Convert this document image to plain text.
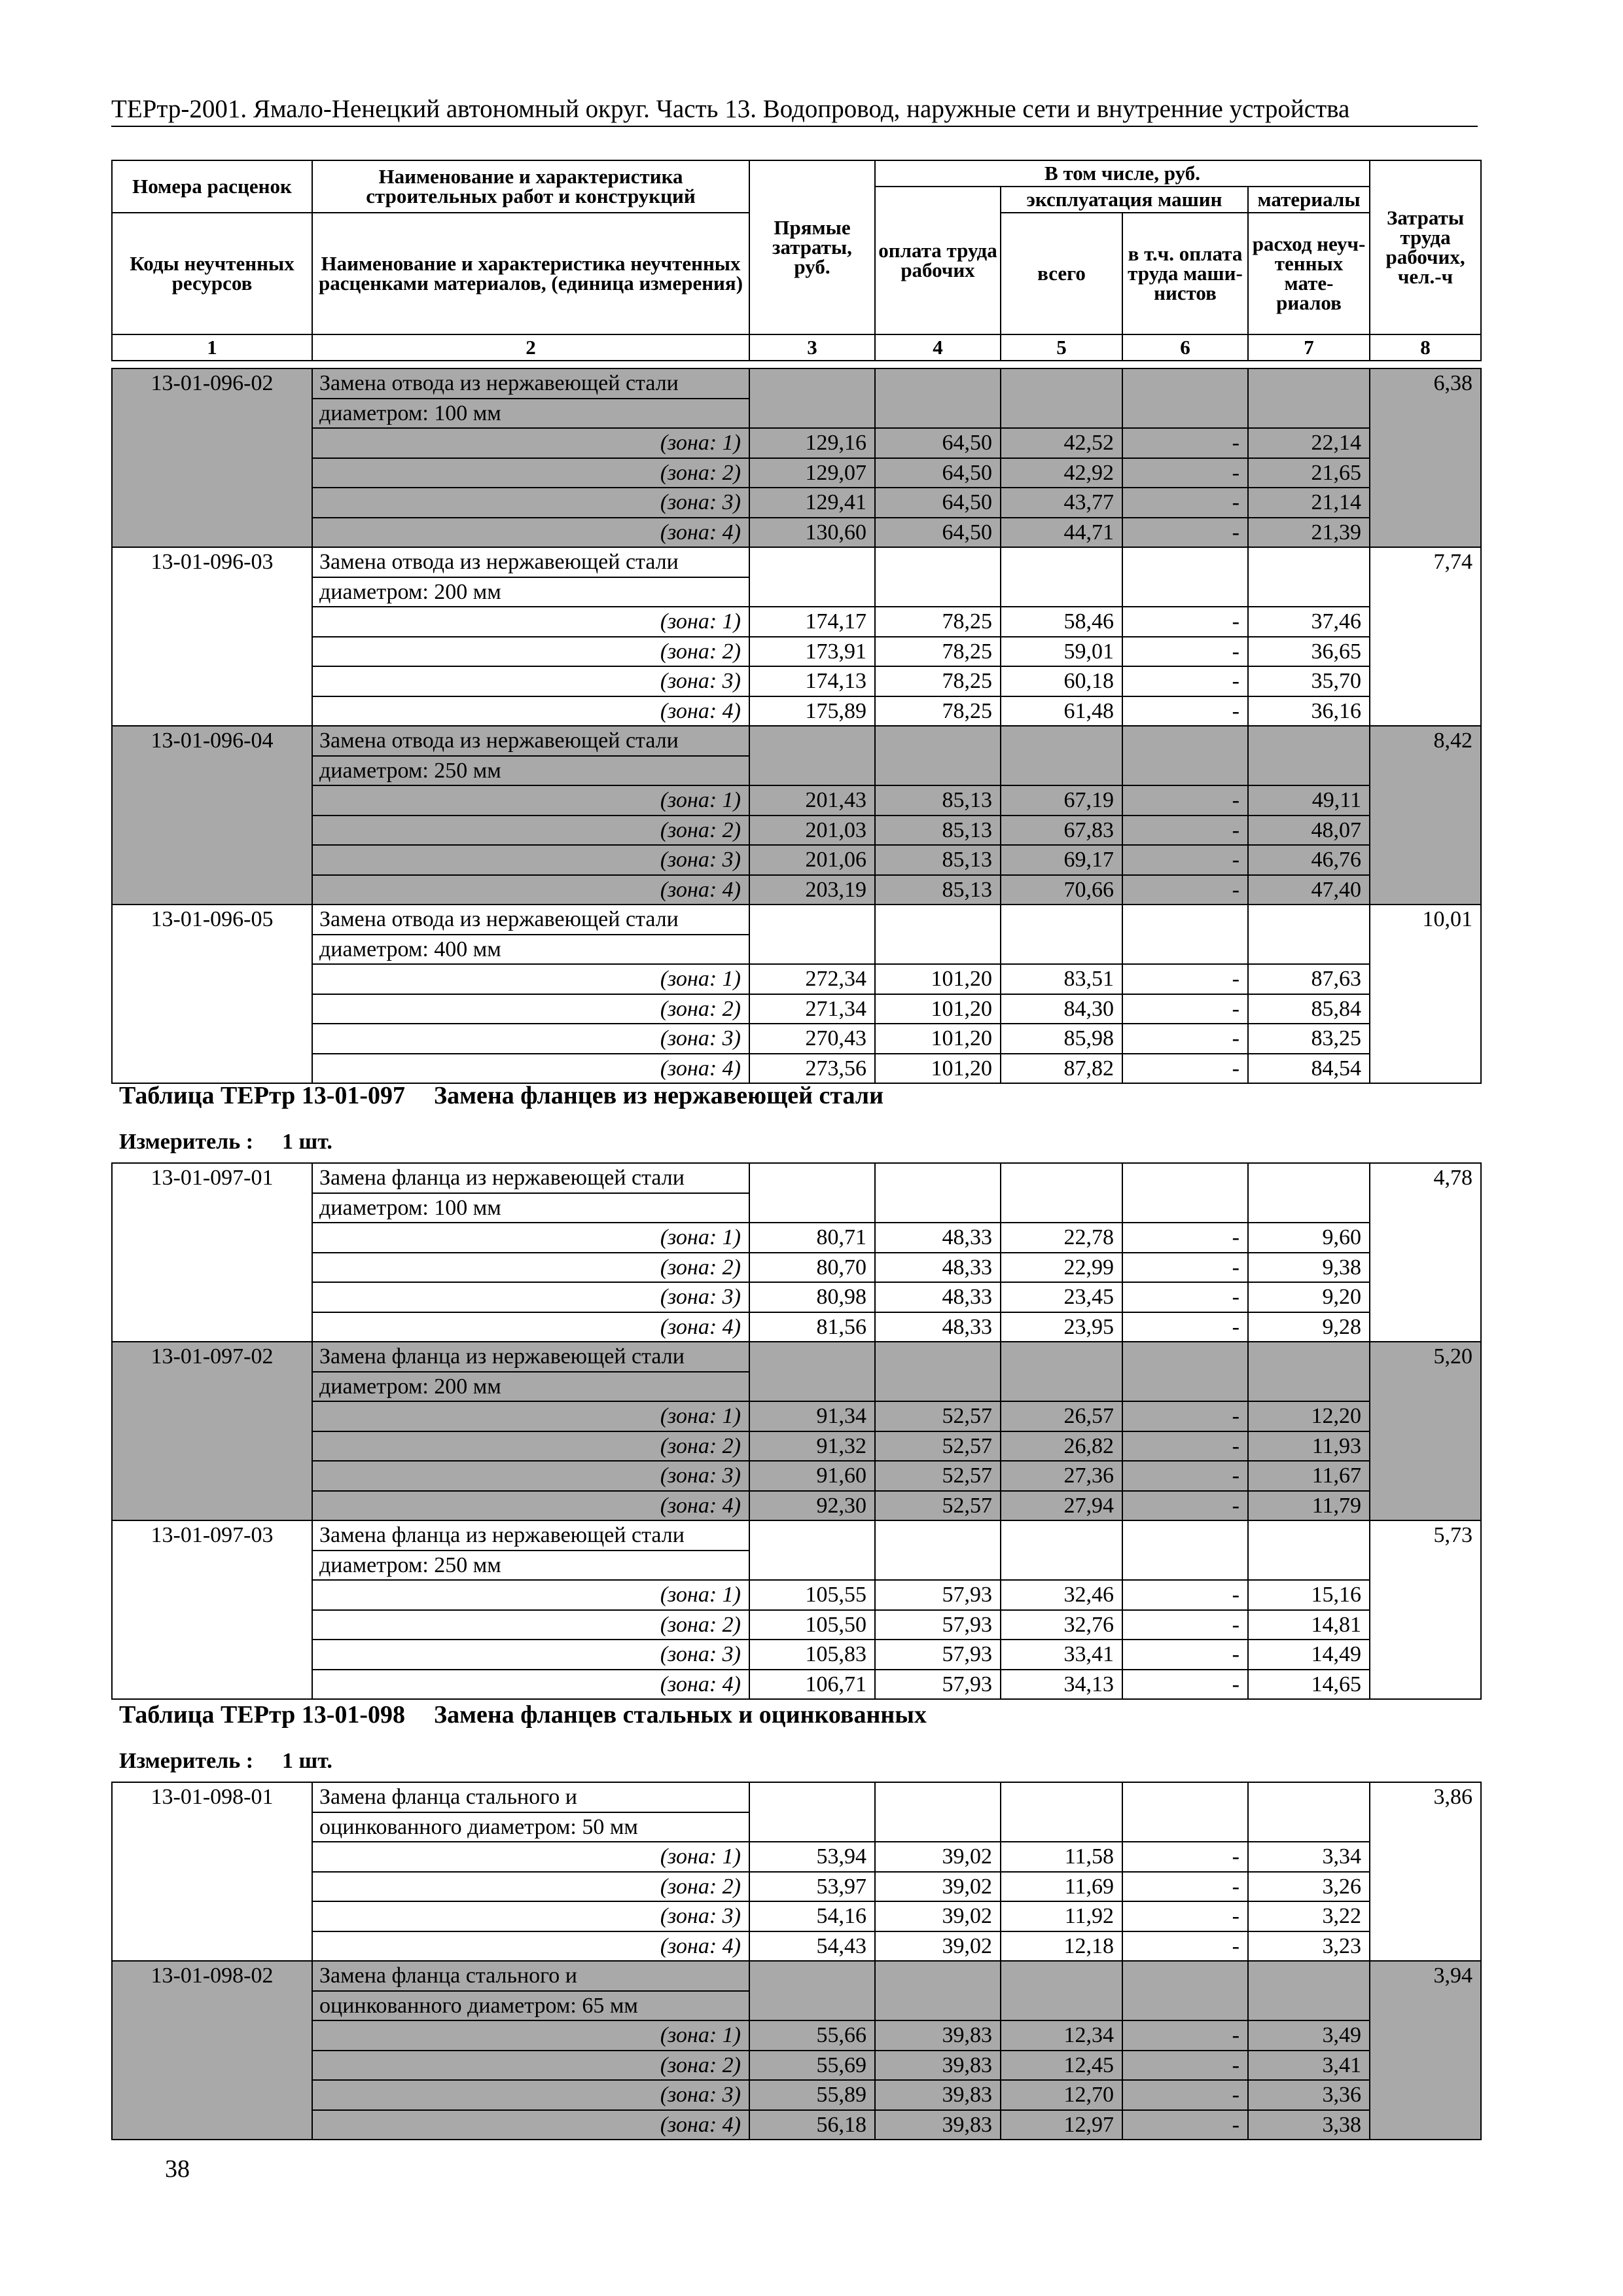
ТЕРтр-2001. Ямало-Ненецкий автономный округ. Часть 13. Водопровод, наружные сети и внутренние устройства
Номера расценок	Наименование и характеристика строительных работ и конструкций	Прямые затраты, руб.	В том числе, руб.				Затраты труда рабочих, чел.-ч
			оплата труда рабочих	эксплуатация машин		материалы	
Коды неучтенных ресурсов	Наименование и характеристика неучтенных расценками материалов, (единица измерения)			всего	в т.ч. оплата труда маши- нистов	расход неуч- тенных мате- риалов	

1	2	3	4	5	6	7	8
13-01-096-02	Замена отвода из нержавеющей стали						6,38
	диаметром: 100 мм						
	(зона: 1)	129,16	64,50	42,52	-	22,14	
	(зона: 2)	129,07	64,50	42,92	-	21,65	
	(зона: 3)	129,41	64,50	43,77	-	21,14	
	(зона: 4)	130,60	64,50	44,71	-	21,39	
13-01-096-03	Замена отвода из нержавеющей стали						7,74
	диаметром: 200 мм						
	(зона: 1)	174,17	78,25	58,46	-	37,46	
	(зона: 2)	173,91	78,25	59,01	-	36,65	
	(зона: 3)	174,13	78,25	60,18	-	35,70	
	(зона: 4)	175,89	78,25	61,48	-	36,16	
13-01-096-04	Замена отвода из нержавеющей стали						8,42
	диаметром: 250 мм						
	(зона: 1)	201,43	85,13	67,19	-	49,11	
	(зона: 2)	201,03	85,13	67,83	-	48,07	
	(зона: 3)	201,06	85,13	69,17	-	46,76	
	(зона: 4)	203,19	85,13	70,66	-	47,40	
13-01-096-05	Замена отвода из нержавеющей стали						10,01
	диаметром: 400 мм						
	(зона: 1)	272,34	101,20	83,51	-	87,63	
	(зона: 2)	271,34	101,20	84,30	-	85,84	
	(зона: 3)	270,43	101,20	85,98	-	83,25	
	(зона: 4)	273,56	101,20	87,82	-	84,54	
Таблица ТЕРтр 13-01-097 Замена фланцев из нержавеющей стали
Измеритель : 1 шт.
13-01-097-01	Замена фланца из нержавеющей стали						4,78
	диаметром: 100 мм						
	(зона: 1)	80,71	48,33	22,78	-	9,60	
	(зона: 2)	80,70	48,33	22,99	-	9,38	
	(зона: 3)	80,98	48,33	23,45	-	9,20	
	(зона: 4)	81,56	48,33	23,95	-	9,28	
13-01-097-02	Замена фланца из нержавеющей стали						5,20
	диаметром: 200 мм						
	(зона: 1)	91,34	52,57	26,57	-	12,20	
	(зона: 2)	91,32	52,57	26,82	-	11,93	
	(зона: 3)	91,60	52,57	27,36	-	11,67	
	(зона: 4)	92,30	52,57	27,94	-	11,79	
13-01-097-03	Замена фланца из нержавеющей стали						5,73
	диаметром: 250 мм						
	(зона: 1)	105,55	57,93	32,46	-	15,16	
	(зона: 2)	105,50	57,93	32,76	-	14,81	
	(зона: 3)	105,83	57,93	33,41	-	14,49	
	(зона: 4)	106,71	57,93	34,13	-	14,65	
Таблица ТЕРтр 13-01-098 Замена фланцев стальных и оцинкованных
Измеритель : 1 шт.
13-01-098-01	Замена фланца стального и						3,86
	оцинкованного диаметром: 50 мм						
	(зона: 1)	53,94	39,02	11,58	-	3,34	
	(зона: 2)	53,97	39,02	11,69	-	3,26	
	(зона: 3)	54,16	39,02	11,92	-	3,22	
	(зона: 4)	54,43	39,02	12,18	-	3,23	
13-01-098-02	Замена фланца стального и						3,94
	оцинкованного диаметром: 65 мм						
	(зона: 1)	55,66	39,83	12,34	-	3,49	
	(зона: 2)	55,69	39,83	12,45	-	3,41	
	(зона: 3)	55,89	39,83	12,70	-	3,36	
	(зона: 4)	56,18	39,83	12,97	-	3,38	
38
